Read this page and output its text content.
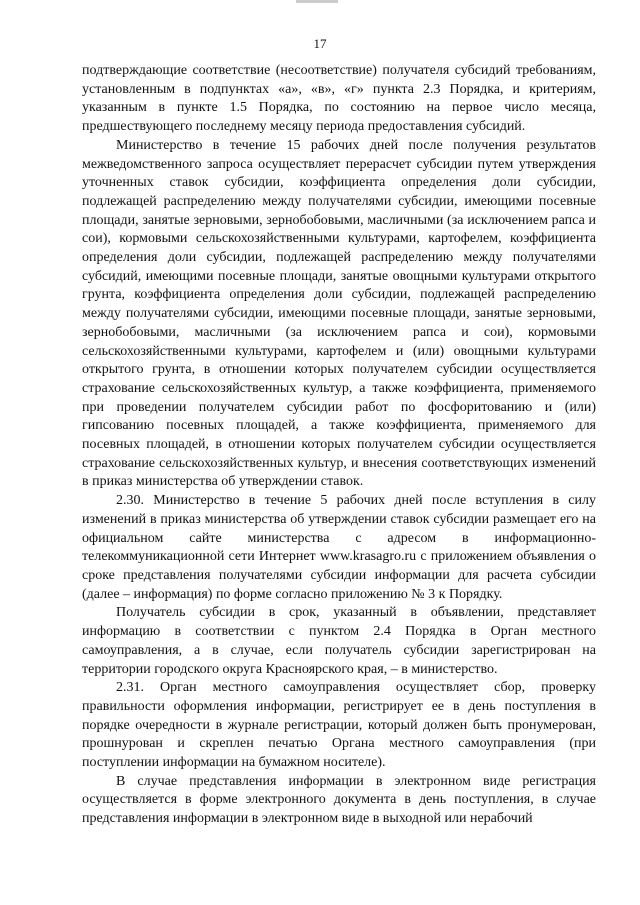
17

подтверждающие соответствие (несоответствие) получателя субсидий требованиям, установленным в подпунктах «а», «в», «г» пункта 2.3 Порядка, и критериям, указанным в пункте 1.5 Порядка, по состоянию на первое число месяца, предшествующего последнему месяцу периода предоставления субсидий.

Министерство в течение 15 рабочих дней после получения результатов межведомственного запроса осуществляет перерасчет субсидии путем утверждения уточненных ставок субсидии, коэффициента определения доли субсидии, подлежащей распределению между получателями субсидии, имеющими посевные площади, занятые зерновыми, зернобобовыми, масличными (за исключением рапса и сои), кормовыми сельскохозяйственными культурами, картофелем, коэффициента определения доли субсидии, подлежащей распределению между получателями субсидий, имеющими посевные площади, занятые овощными культурами открытого грунта, коэффициента определения доли субсидии, подлежащей распределению между получателями субсидии, имеющими посевные площади, занятые зерновыми, зернобобовыми, масличными (за исключением рапса и сои), кормовыми сельскохозяйственными культурами, картофелем и (или) овощными культурами открытого грунта, в отношении которых получателем субсидии осуществляется страхование сельскохозяйственных культур, а также коэффициента, применяемого при проведении получателем субсидии работ по фосфоритованию и (или) гипсованию посевных площадей, а также коэффициента, применяемого для посевных площадей, в отношении которых получателем субсидии осуществляется страхование сельскохозяйственных культур, и внесения соответствующих изменений в приказ министерства об утверждении ставок.

2.30. Министерство в течение 5 рабочих дней после вступления в силу изменений в приказ министерства об утверждении ставок субсидии размещает его на официальном сайте министерства с адресом в информационно-телекоммуникационной сети Интернет www.krasagro.ru с приложением объявления о сроке представления получателями субсидии информации для расчета субсидии (далее – информация) по форме согласно приложению № 3 к Порядку.

Получатель субсидии в срок, указанный в объявлении, представляет информацию в соответствии с пунктом 2.4 Порядка в Орган местного самоуправления, а в случае, если получатель субсидии зарегистрирован на территории городского округа Красноярского края, – в министерство.

2.31. Орган местного самоуправления осуществляет сбор, проверку правильности оформления информации, регистрирует ее в день поступления в порядке очередности в журнале регистрации, который должен быть пронумерован, прошнурован и скреплен печатью Органа местного самоуправления (при поступлении информации на бумажном носителе).

В случае представления информации в электронном виде регистрация осуществляется в форме электронного документа в день поступления, в случае представления информации в электронном виде в выходной или нерабочий
